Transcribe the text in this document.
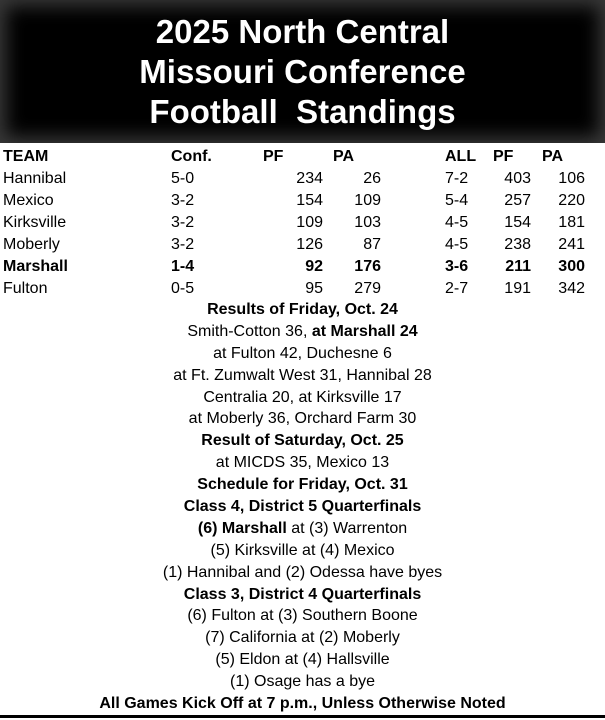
2025 North Central
Missouri Conference
Football  Standings
TEAM	Conf.	PF	PA		ALL	PF	PA	
Hannibal	5-0	234	26		7-2	403	106	
Mexico	3-2	154	109		5-4	257	220	
Kirksville	3-2	109	103		4-5	154	181	
Moberly	3-2	126	87		4-5	238	241	
Marshall	1-4	92	176		3-6	211	300	
Fulton	0-5	95	279		2-7	191	342	
Results of Friday, Oct. 24
Smith-Cotton 36, at Marshall 24
at Fulton 42, Duchesne 6
at Ft. Zumwalt West 31, Hannibal 28
Centralia 20, at Kirksville 17
at Moberly 36, Orchard Farm 30
Result of Saturday, Oct. 25
at MICDS 35, Mexico 13
Schedule for Friday, Oct. 31
Class 4, District 5 Quarterfinals
(6) Marshall at (3) Warrenton
(5) Kirksville at (4) Mexico
(1) Hannibal and (2) Odessa have byes
Class 3, District 4 Quarterfinals
(6) Fulton at (3) Southern Boone
(7) California at (2) Moberly
(5) Eldon at (4) Hallsville
(1) Osage has a bye
All Games Kick Off at 7 p.m., Unless Otherwise Noted
